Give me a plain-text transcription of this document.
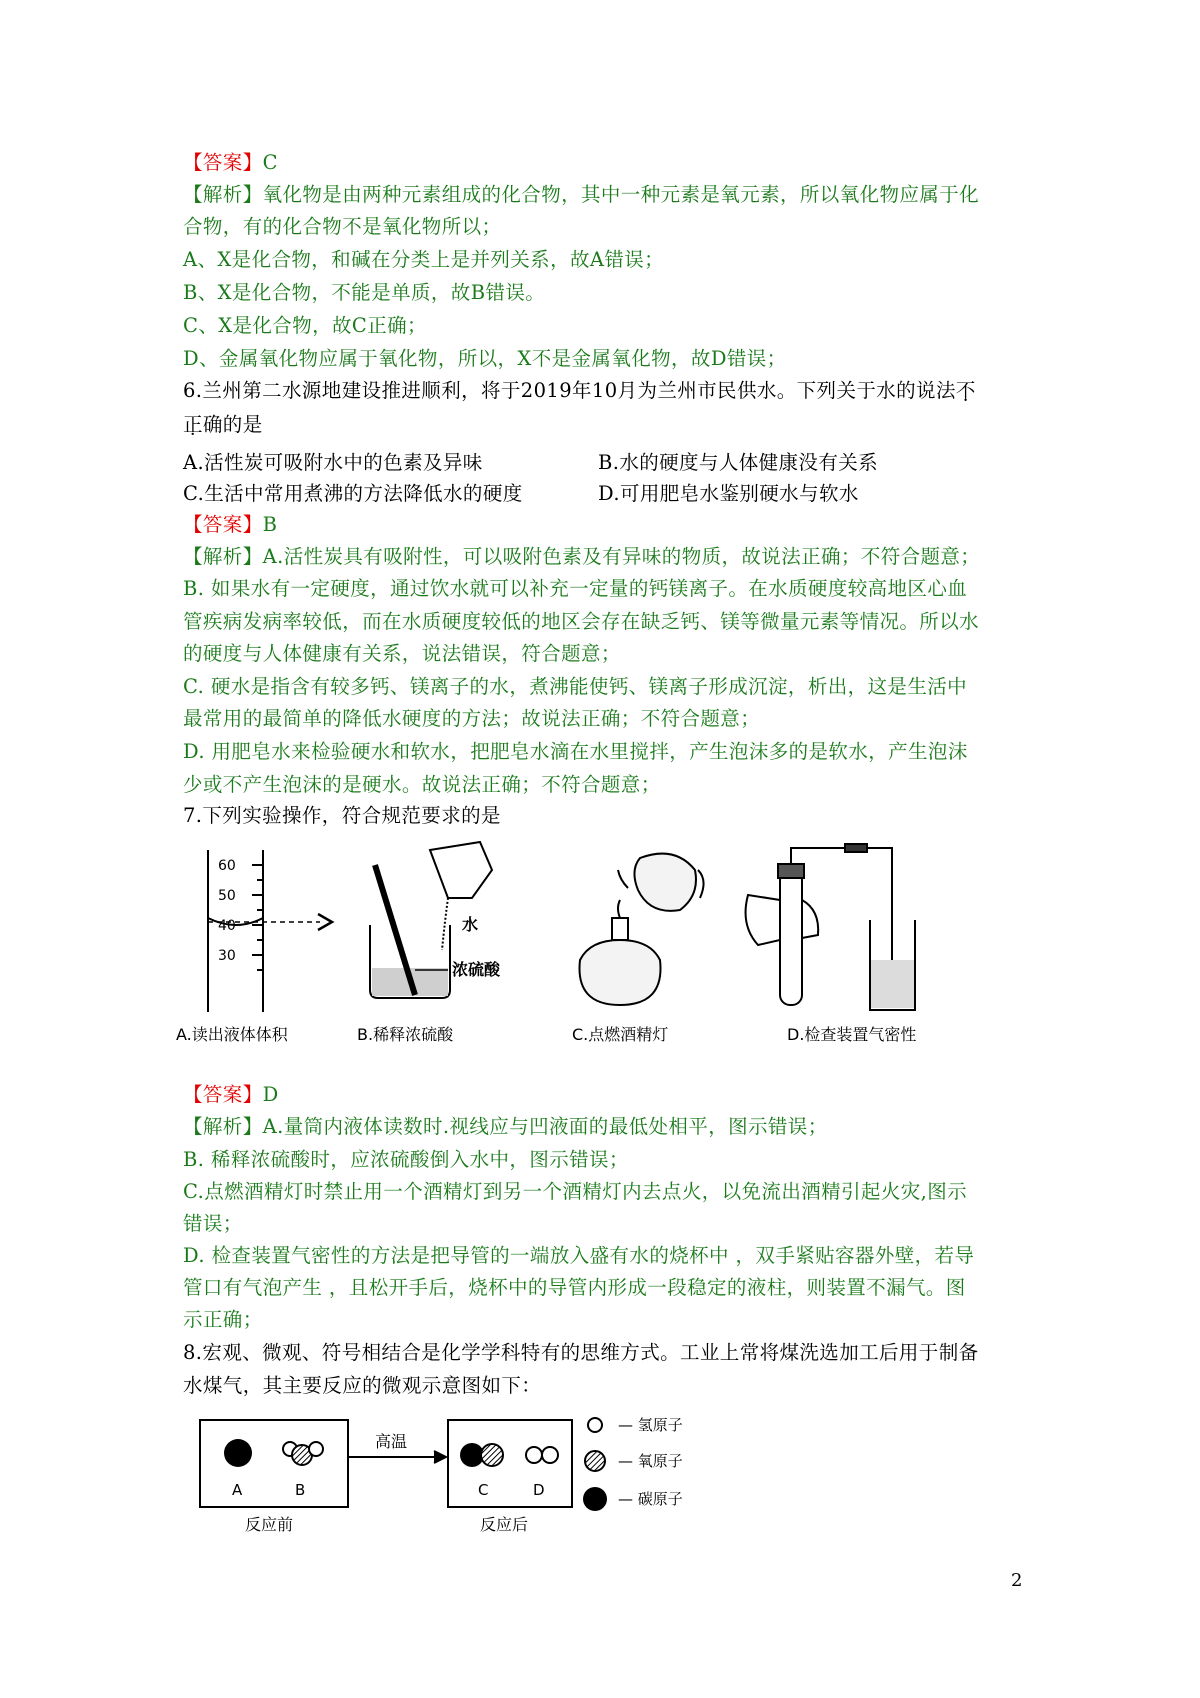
【答案】C
【解析】氧化物是由两种元素组成的化合物，其中一种元素是氧元素，所以氧化物应属于化
合物，有的化合物不是氧化物所以；
A、X是化合物，和碱在分类上是并列关系，故A错误；
B、X是化合物，不能是单质，故B错误。
C、X是化合物，故C正确；
D、金属氧化物应属于氧化物，所以，X不是金属氧化物，故D错误；
6.兰州第二水源地建设推进顺利，将于2019年10月为兰州市民供水。下列关于水的说法不
正确的是
A.活性炭可吸附水中的色素及异味	B.水的硬度与人体健康没有关系
C.生活中常用煮沸的方法降低水的硬度	D.可用肥皂水鉴别硬水与软水
【答案】B
【解析】A.活性炭具有吸附性，可以吸附色素及有异味的物质，故说法正确；不符合题意；
B. 如果水有一定硬度，通过饮水就可以补充一定量的钙镁离子。在水质硬度较高地区心血
管疾病发病率较低，而在水质硬度较低的地区会存在缺乏钙、镁等微量元素等情况。所以水
的硬度与人体健康有关系，说法错误，符合题意；
C. 硬水是指含有较多钙、镁离子的水，煮沸能使钙、镁离子形成沉淀，析出，这是生活中
最常用的最简单的降低水硬度的方法；故说法正确；不符合题意；
D. 用肥皂水来检验硬水和软水，把肥皂水滴在水里搅拌，产生泡沫多的是软水，产生泡沫
少或不产生泡沫的是硬水。故说法正确；不符合题意；
7.下列实验操作，符合规范要求的是
60
50
40
30
水
浓硫酸
A.读出液体体积	B.稀释浓硫酸	C.点燃酒精灯	D.检查装置气密性
【答案】D
【解析】A.量筒内液体读数时.视线应与凹液面的最低处相平，图示错误；
B. 稀释浓硫酸时，应浓硫酸倒入水中，图示错误；
C.点燃酒精灯时禁止用一个酒精灯到另一个酒精灯内去点火，以免流出酒精引起火灾,图示
错误；
D. 检查装置气密性的方法是把导管的一端放入盛有水的烧杯中 ，双手紧贴容器外壁，若导
管口有气泡产生 ，且松开手后，烧杯中的导管内形成一段稳定的液柱，则装置不漏气。图
示正确；
8.宏观、微观、符号相结合是化学学科特有的思维方式。工业上常将煤洗选加工后用于制备
水煤气，其主要反应的微观示意图如下：
A	B	C	D
高温
反应前	反应后
— 氢原子
— 氧原子
— 碳原子
2
